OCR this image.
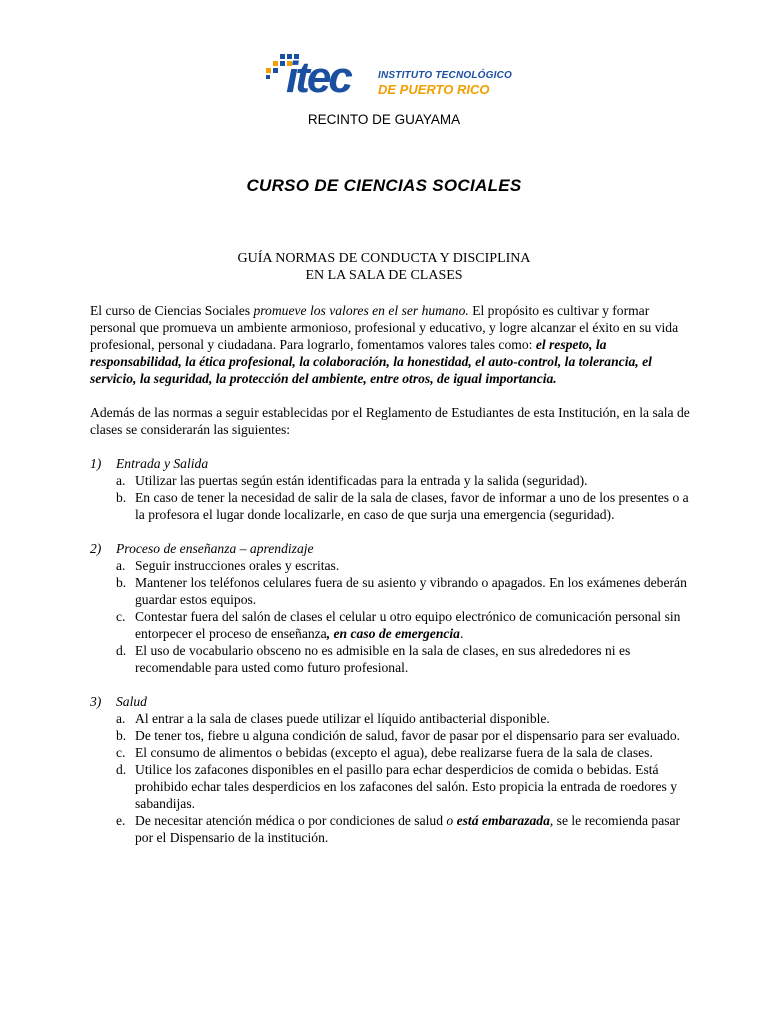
itec	INSTITUTO TECNOLÓGICO
DE PUERTO RICO
RECINTO DE GUAYAMA
CURSO DE CIENCIAS SOCIALES
GUÍA NORMAS DE CONDUCTA Y DISCIPLINA
EN LA SALA DE CLASES

El curso de Ciencias Sociales promueve los valores en el ser humano. El propósito es cultivar y formar personal que promueva un ambiente armonioso, profesional y educativo, y logre alcanzar el éxito en su vida profesional, personal y ciudadana. Para lograrlo, fomentamos valores tales como: el respeto, la responsabilidad, la ética profesional, la colaboración, la honestidad, el auto-control, la tolerancia, el servicio, la seguridad, la protección del ambiente, entre otros, de igual importancia.

Además de las normas a seguir establecidas por el Reglamento de Estudiantes de esta Institución, en la sala de clases se considerarán las siguientes:

1) Entrada y Salida
a. Utilizar las puertas según están identificadas para la entrada y la salida (seguridad).
b. En caso de tener la necesidad de salir de la sala de clases, favor de informar a uno de los presentes o a la profesora el lugar donde localizarle, en caso de que surja una emergencia (seguridad).
2) Proceso de enseñanza – aprendizaje
a. Seguir instrucciones orales y escritas.
b. Mantener los teléfonos celulares fuera de su asiento y vibrando o apagados. En los exámenes deberán guardar estos equipos.
c. Contestar fuera del salón de clases el celular u otro equipo electrónico de comunicación personal sin entorpecer el proceso de enseñanza, en caso de emergencia.
d. El uso de vocabulario obsceno no es admisible en la sala de clases, en sus alrededores ni es recomendable para usted como futuro profesional.
3) Salud
a. Al entrar a la sala de clases puede utilizar el líquido antibacterial disponible.
b. De tener tos, fiebre u alguna condición de salud, favor de pasar por el dispensario para ser evaluado.
c. El consumo de alimentos o bebidas (excepto el agua), debe realizarse fuera de la sala de clases.
d. Utilice los zafacones disponibles en el pasillo para echar desperdicios de comida o bebidas. Está prohibido echar tales desperdicios en los zafacones del salón. Esto propicia la entrada de roedores y sabandijas.
e. De necesitar atención médica o por condiciones de salud o está embarazada, se le recomienda pasar por el Dispensario de la institución.
